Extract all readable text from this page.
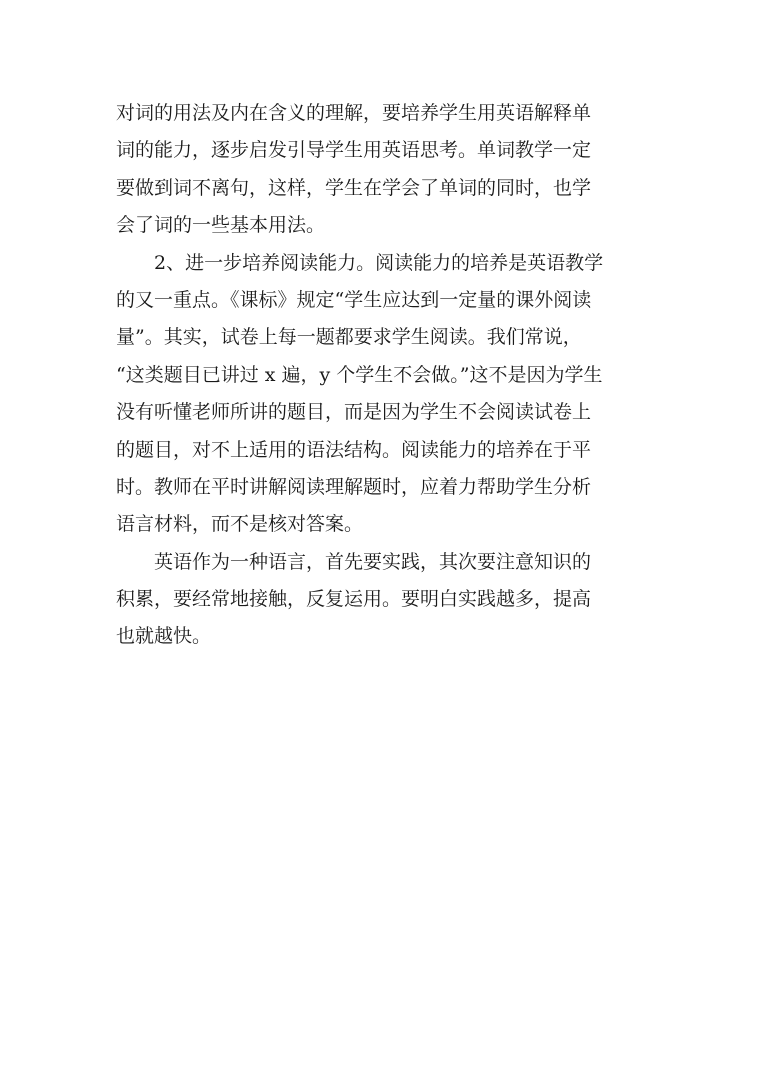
对词的用法及内在含义的理解，要培养学生用英语解释单
词的能力，逐步启发引导学生用英语思考。单词教学一定
要做到词不离句，这样，学生在学会了单词的同时，也学
会了词的一些基本用法。
2、进一步培养阅读能力。阅读能力的培养是英语教学
的又一重点。《课标》规定“学生应达到一定量的课外阅读
量”。其实，试卷上每一题都要求学生阅读。我们常说，
“这类题目已讲过 x 遍，y 个学生不会做。”这不是因为学生
没有听懂老师所讲的题目，而是因为学生不会阅读试卷上
的题目，对不上适用的语法结构。阅读能力的培养在于平
时。教师在平时讲解阅读理解题时，应着力帮助学生分析
语言材料，而不是核对答案。
英语作为一种语言，首先要实践，其次要注意知识的
积累，要经常地接触，反复运用。要明白实践越多，提高
也就越快。
